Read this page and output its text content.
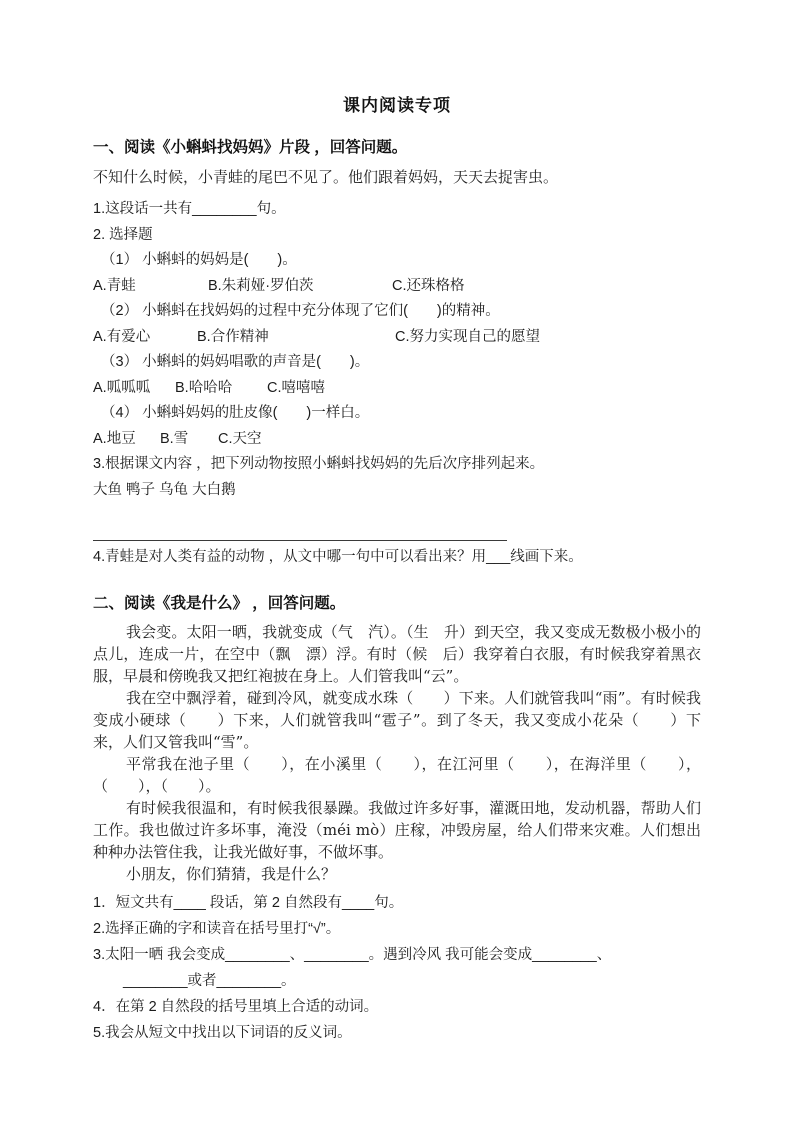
课内阅读专项
一、阅读《小蝌蚪找妈妈》片段 ，回答问题。

不知什么时候，小青蛙的尾巴不见了。他们跟着妈妈，天天去捉害虫。

1.这段话一共有________句。

2. 选择题

（1） 小蝌蚪的妈妈是(　　)。

A.青蛙	B.朱莉娅·罗伯茨	C.还珠格格

（2） 小蝌蚪在找妈妈的过程中充分体现了它们(　　)的精神。

A.有爱心	B.合作精神	C.努力实现自己的愿望

（3） 小蝌蚪的妈妈唱歌的声音是(　　)。

A.呱呱呱	B.哈哈哈	C.嘻嘻嘻

（4） 小蝌蚪妈妈的肚皮像(　　)一样白。

A.地豆	B.雪	C.天空

3.根据课文内容 ，把下列动物按照小蝌蚪找妈妈的先后次序排列起来。

大鱼 鸭子 乌龟 大白鹅

4.青蛙是对人类有益的动物 ，从文中哪一句中可以看出来？用___线画下来。

二、阅读《我是什么》 ，回答问题。

我会变。太阳一晒，我就变成（气　汽）。（生　升）到天空，我又变成无数极小极小的点儿，连成一片，在空中（飘　漂）浮。有时（候　后）我穿着白衣服，有时候我穿着黑衣服，早晨和傍晚我又把红袍披在身上。人们管我叫“云”。

我在空中飘浮着，碰到冷风，就变成水珠（　　）下来。人们就管我叫“雨”。有时候我变成小硬球（　　）下来，人们就管我叫“雹子”。到了冬天，我又变成小花朵（　　）下来，人们又管我叫“雪”。

平常我在池子里（　　），在小溪里（　　），在江河里（　　），在海洋里（　　），（　　），（　　）。

有时候我很温和，有时候我很暴躁。我做过许多好事，灌溉田地，发动机器，帮助人们工作。我也做过许多坏事，淹没（méi mò）庄稼，冲毁房屋，给人们带来灾难。人们想出种种办法管住我，让我光做好事，不做坏事。

小朋友，你们猜猜，我是什么？

1．短文共有____ 段话，第 2 自然段有____句。

2.选择正确的字和读音在括号里打“√”。

3.太阳一晒 我会变成________、________。遇到冷风 我可能会变成________、

________或者________。

4．在第 2 自然段的括号里填上合适的动词。

5.我会从短文中找出以下词语的反义词。
